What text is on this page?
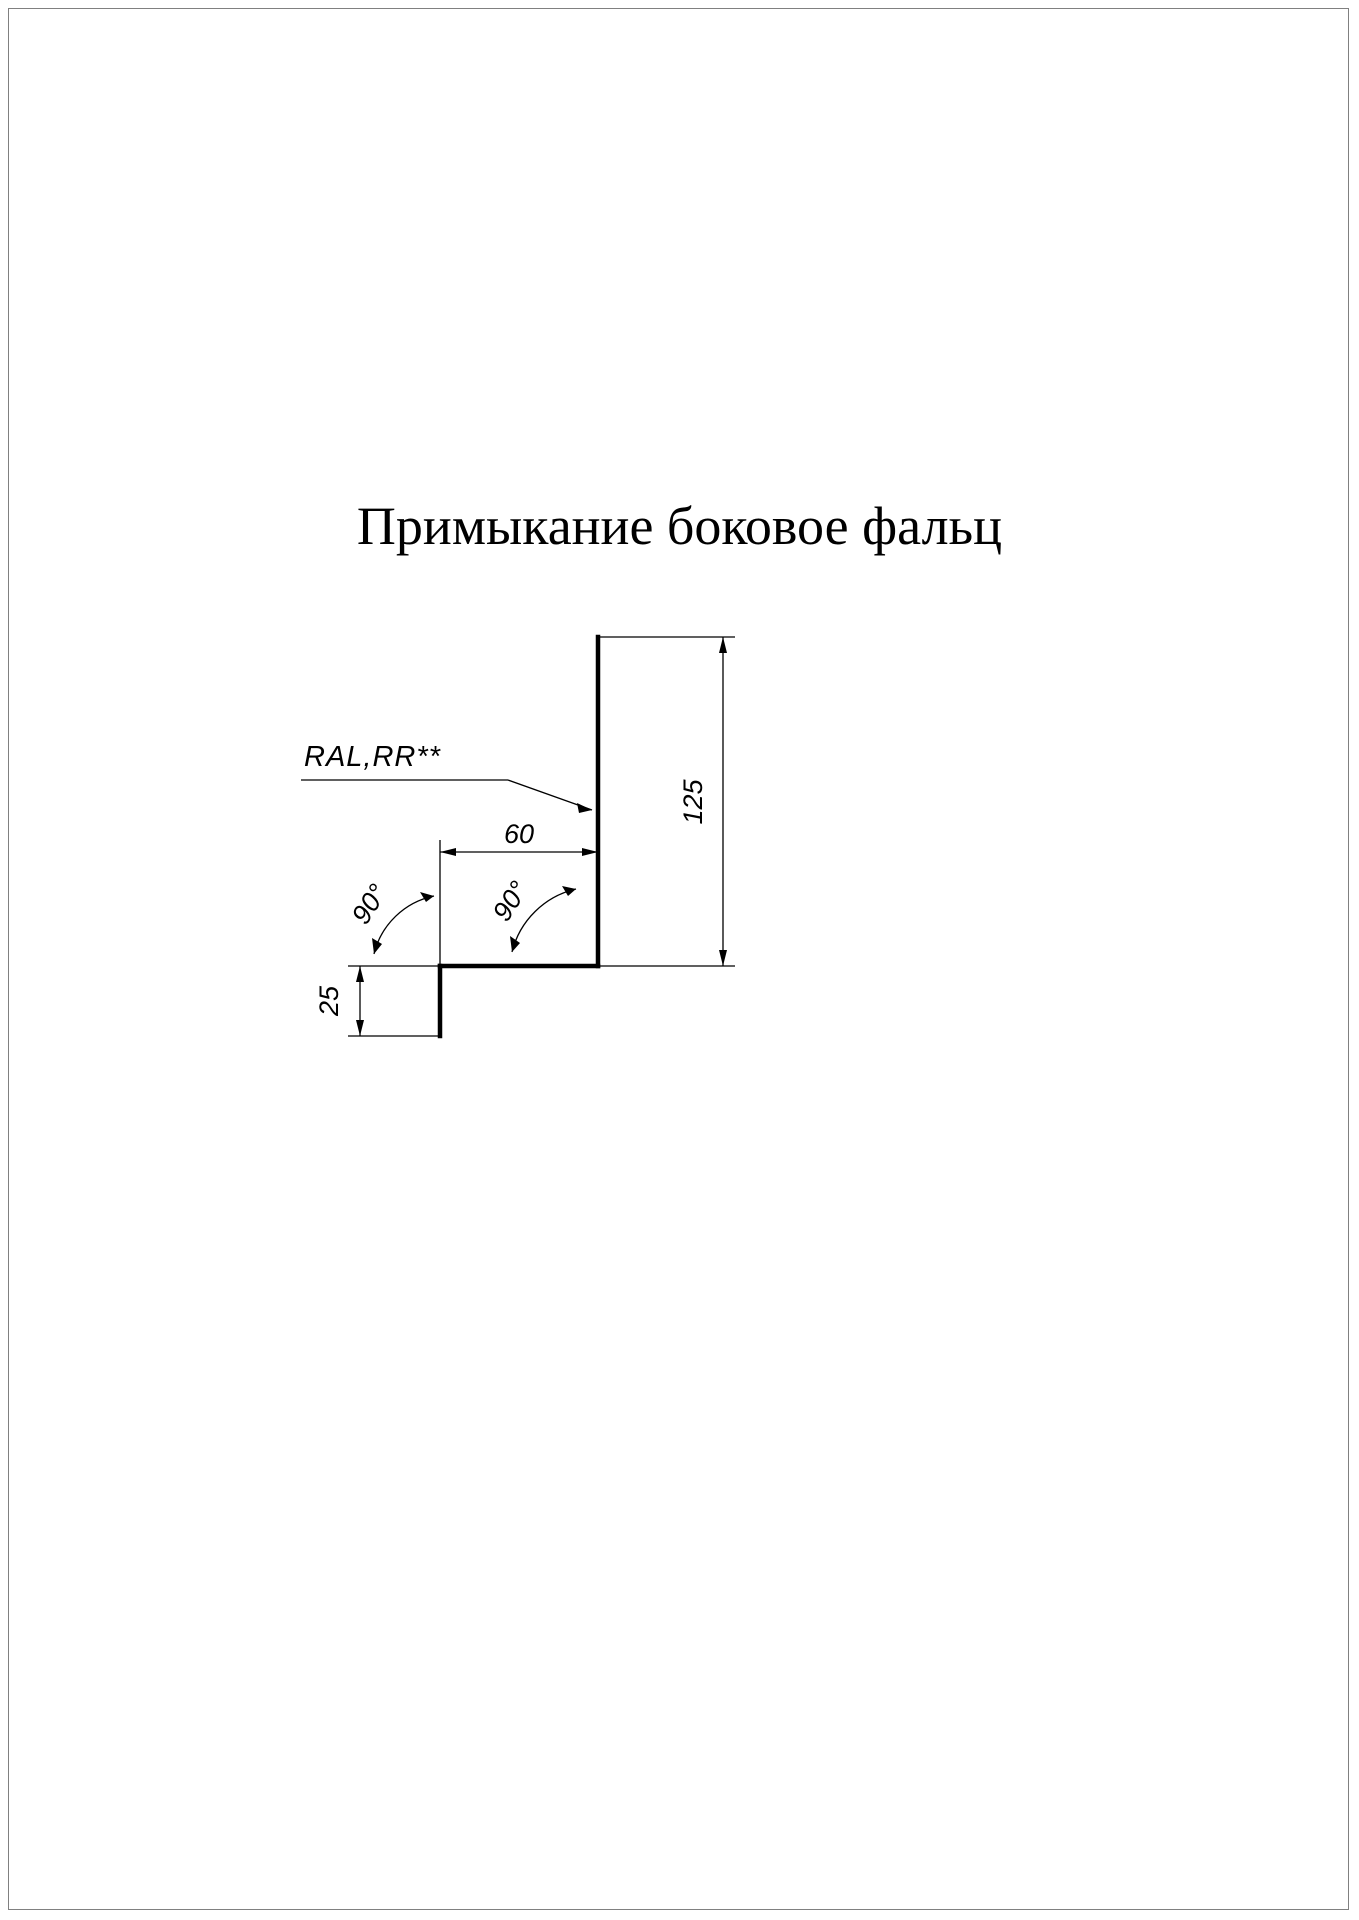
Примыкание боковое фальц
125
60
25
90°	90°
RAL,RR**
